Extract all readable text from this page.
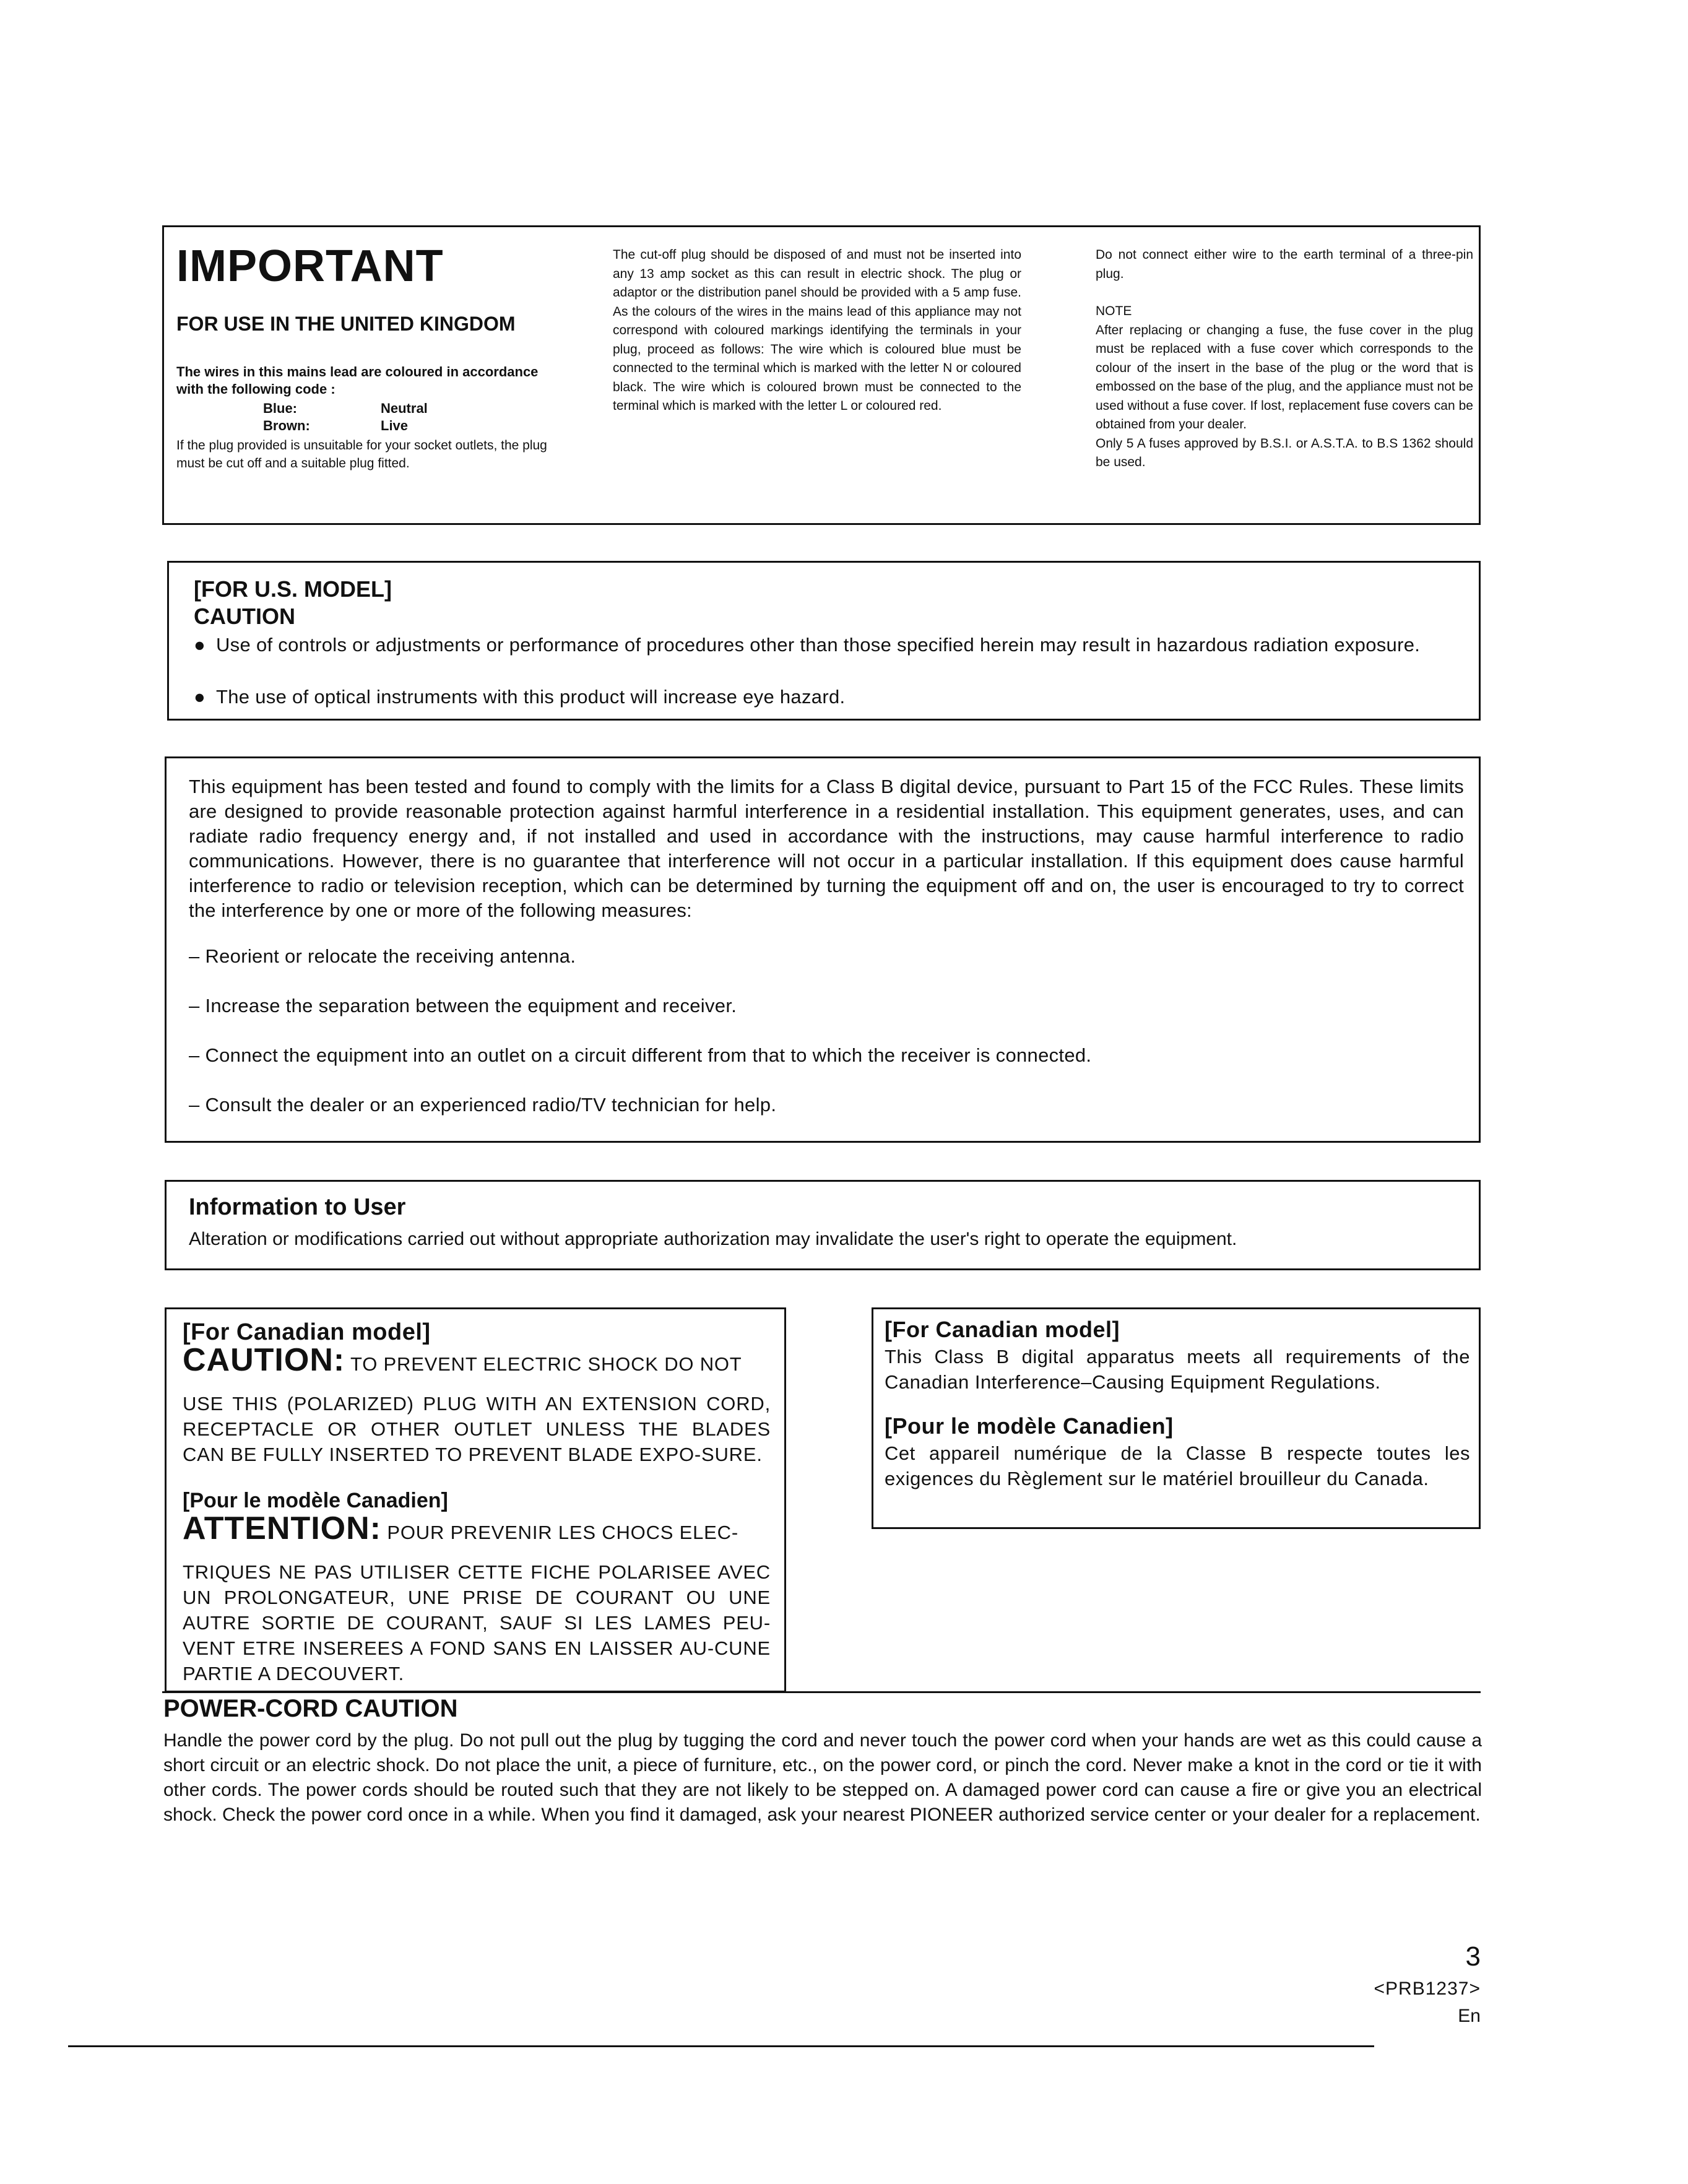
IMPORTANT
FOR USE IN THE UNITED KINGDOM
The wires in this mains lead are coloured in accordance with the following code :
Blue:	Neutral
Brown:	Live
If the plug provided is unsuitable for your socket outlets, the plug must be cut off and a suitable plug fitted.
The cut-off plug should be disposed of and must not be inserted into any 13 amp socket as this can result in electric shock. The plug or adaptor or the distribution panel should be provided with a 5 amp fuse. As the colours of the wires in the mains lead of this appliance may not correspond with coloured markings identifying the terminals in your plug, proceed as follows: The wire which is coloured blue must be connected to the terminal which is marked with the letter N or coloured black. The wire which is coloured brown must be connected to the terminal which is marked with the letter L or coloured red.

Do not connect either wire to the earth terminal of a three-pin plug.

NOTE

After replacing or changing a fuse, the fuse cover in the plug must be replaced with a fuse cover which corresponds to the colour of the insert in the base of the plug or the word that is embossed on the base of the plug, and the appliance must not be used without a fuse cover. If lost, replacement fuse covers can be obtained from your dealer.

Only 5 A fuses approved by B.S.I. or A.S.T.A. to B.S 1362 should be used.

[FOR U.S. MODEL]
CAUTION
● Use of controls or adjustments or performance of procedures other than those specified herein may result in hazardous radiation exposure.
● The use of optical instruments with this product will increase eye hazard.
This equipment has been tested and found to comply with the limits for a Class B digital device, pursuant to Part 15 of the FCC Rules. These limits are designed to provide reasonable protection against harmful interference in a residential installation. This equipment generates, uses, and can radiate radio frequency energy and, if not installed and used in accordance with the instructions, may cause harmful interference to radio communications. However, there is no guarantee that interference will not occur in a particular installation. If this equipment does cause harmful interference to radio or television reception, which can be determined by turning the equipment off and on, the user is encouraged to try to correct the interference by one or more of the following measures:
– Reorient or relocate the receiving antenna.
– Increase the separation between the equipment and receiver.
– Connect the equipment into an outlet on a circuit different from that to which the receiver is connected.
– Consult the dealer or an experienced radio/TV technician for help.
Information to User
Alteration or modifications carried out without appropriate authorization may invalidate the user's right to operate the equipment.
[For Canadian model]
CAUTION: TO PREVENT ELECTRIC SHOCK DO NOT
USE THIS (POLARIZED) PLUG WITH AN EXTENSION CORD, RECEPTACLE OR OTHER OUTLET UNLESS THE BLADES CAN BE FULLY INSERTED TO PREVENT BLADE EXPO-SURE.
[Pour le modèle Canadien]
ATTENTION: POUR PREVENIR LES CHOCS ELEC-
TRIQUES NE PAS UTILISER CETTE FICHE POLARISEE AVEC UN PROLONGATEUR, UNE PRISE DE COURANT OU UNE AUTRE SORTIE DE COURANT, SAUF SI LES LAMES PEU-VENT ETRE INSEREES A FOND SANS EN LAISSER AU-CUNE PARTIE A DECOUVERT.
[For Canadian model]
This Class B digital apparatus meets all requirements of the Canadian Interference–Causing Equipment Regulations.
[Pour le modèle Canadien]
Cet appareil numérique de la Classe B respecte toutes les exigences du Règlement sur le matériel brouilleur du Canada.
POWER-CORD CAUTION
Handle the power cord by the plug. Do not pull out the plug by tugging the cord and never touch the power cord when your hands are wet as this could cause a short circuit or an electric shock. Do not place the unit, a piece of furniture, etc., on the power cord, or pinch the cord. Never make a knot in the cord or tie it with other cords. The power cords should be routed such that they are not likely to be stepped on. A damaged power cord can cause a fire or give you an electrical shock. Check the power cord once in a while. When you find it damaged, ask your nearest PIONEER authorized service center or your dealer for a replacement.
3
<PRB1237>
En
